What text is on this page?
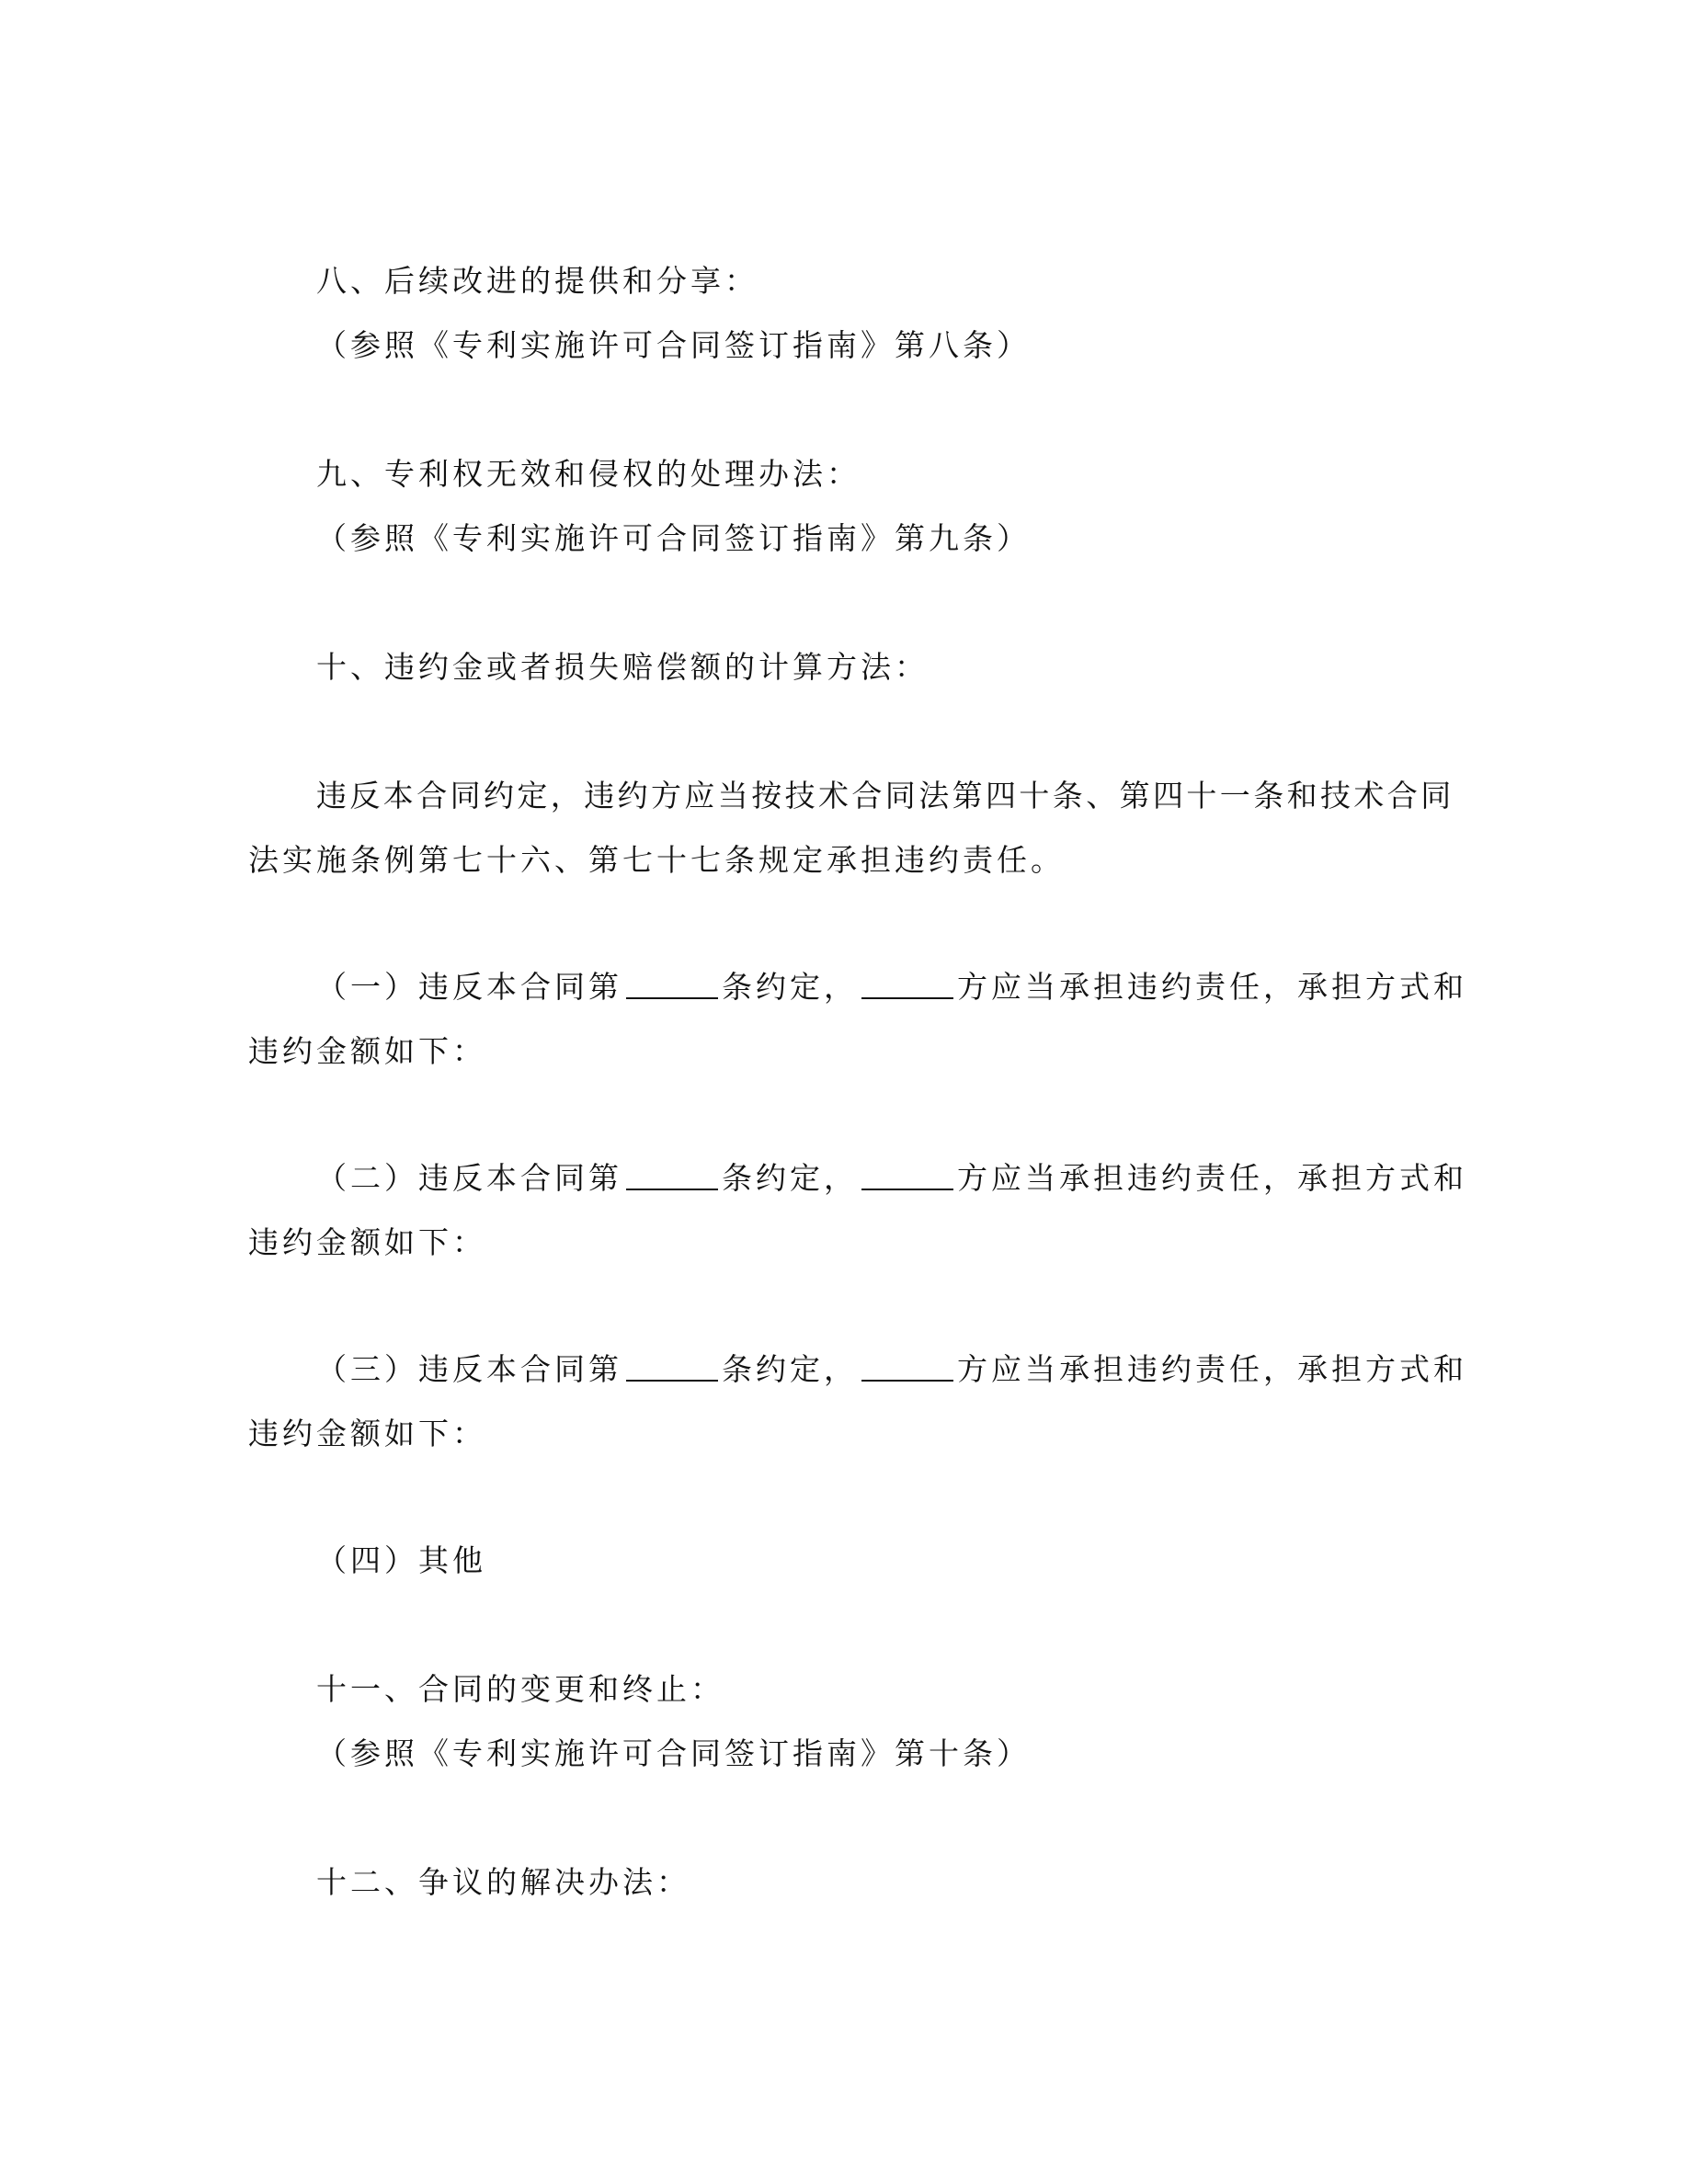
八、后续改进的提供和分享：
（参照《专利实施许可合同签订指南》第八条）
九、专利权无效和侵权的处理办法：
（参照《专利实施许可合同签订指南》第九条）
十、违约金或者损失赔偿额的计算方法：
违反本合同约定，违约方应当按技术合同法第四十条、第四十一条和技术合同
法实施条例第七十六、第七十七条规定承担违约责任。
（一）违反本合同第	条约定，	方应当承担违约责任，承担方式和
违约金额如下：
（二）违反本合同第	条约定，	方应当承担违约责任，承担方式和
违约金额如下：
（三）违反本合同第	条约定，	方应当承担违约责任，承担方式和
违约金额如下：
（四）其他
十一、合同的变更和终止：
（参照《专利实施许可合同签订指南》第十条）
十二、争议的解决办法：
